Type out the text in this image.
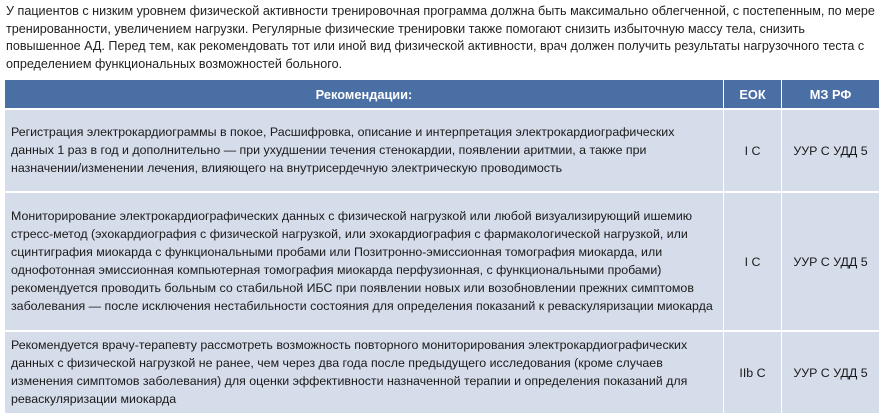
У пациентов с низким уровнем физической активности тренировочная программа должна быть максимально облегченной, с постепенным, по мере тренированности, увеличением нагрузки. Регулярные физические тренировки также помогают снизить избыточную массу тела, снизить повышенное АД. Перед тем, как рекомендовать тот или иной вид физической активности, врач должен получить результаты нагрузочного теста с определением функциональных возможностей больного.
Рекомендации:	ЕОК	МЗ РФ
Регистрация электрокардиограммы в покое, Расшифровка, описание и интерпретация электрокардиографических данных 1 раз в год и дополнительно — при ухудшении течения стенокардии, появлении аритмии, а также при назначении/изменении лечения, влияющего на внутрисердечную электрическую проводимость	I C	УУР С УДД 5
Мониторирование электрокардиографических данных с физической нагрузкой или любой визуализирующий ишемию стресс-метод (эхокардиография с физической нагрузкой, или эхокардиография с фармакологической нагрузкой, или сцинтиграфия миокарда с функциональными пробами или Позитронно-эмиссионная томография миокарда, или однофотонная эмиссионная компьютерная томография миокарда перфузионная, с функциональными пробами) рекомендуется проводить больным со стабильной ИБС при появлении новых или возобновлении прежних симптомов заболевания — после исключения нестабильности состояния для определения показаний к реваскуляризации миокарда	I C	УУР С УДД 5
Рекомендуется врачу-терапевту рассмотреть возможность повторного мониторирования электрокардиографических данных с физической нагрузкой не ранее, чем через два года после предыдущего исследования (кроме случаев изменения симптомов заболевания) для оценки эффективности назначенной терапии и определения показаний для реваскуляризации миокарда	IIb C	УУР С УДД 5
